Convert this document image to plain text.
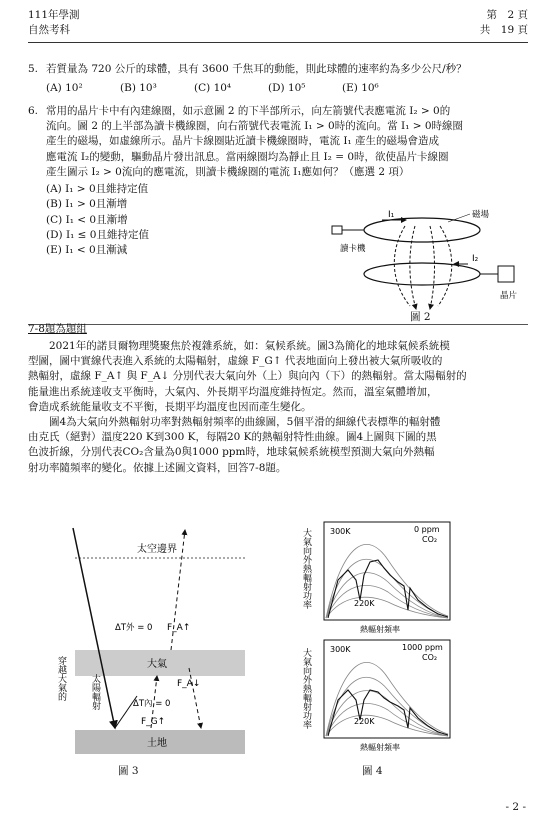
111年學測
自然考科
第　2 頁
共　19 頁
5. 若質量為 720 公斤的球體，具有 3600 千焦耳的動能，則此球體的速率約為多少公尺/秒？
(A) 10²	(B) 10³	(C) 10⁴	(D) 10⁵	(E) 10⁶
6. 常用的晶片卡中有內建線圈，如示意圖 2 的下半部所示，向左箭號代表應電流 I₂ > 0的
流向。圖 2 的上半部為讀卡機線圈，向右箭號代表電流 I₁ > 0時的流向。當 I₁ > 0時線圈
產生的磁場，如虛線所示。晶片卡線圈貼近讀卡機線圈時，電流 I₁ 產生的磁場會造成
應電流 I₂的變動，驅動晶片發出訊息。當兩線圈均為靜止且 I₂ = 0時，欲使晶片卡線圈
產生圖示 I₂ > 0流向的應電流，則讀卡機線圈的電流 I₁應如何？（應選 2 項）
(A) I₁ > 0且維持定值
(B) I₁ > 0且漸增
(C) I₁ < 0且漸增
(D) I₁ ≤ 0且維持定值
(E) I₁ < 0且漸減
I₁
讀卡機
磁場
I₂
晶片
圖 2
7-8題為題組
2021年的諾貝爾物理獎聚焦於複雜系統，如：氣候系統。圖3為簡化的地球氣候系統模
型圖，圖中實線代表進入系統的太陽輻射，虛線 F_G↑ 代表地面向上發出被大氣所吸收的
熱輻射，虛線 F_A↑ 與 F_A↓ 分別代表大氣向外（上）與向內（下）的熱輻射。當太陽輻射的
能量進出系統達收支平衡時，大氣內、外長期平均溫度維持恆定。然而，溫室氣體增加，
會造成系統能量收支不平衡，長期平均溫度也因而產生變化。
圖4為大氣向外熱輻射功率對熱輻射頻率的曲線圖，5個平滑的細線代表標準的輻射體
由克氏（絕對）溫度220 K到300 K，每隔20 K的熱輻射特性曲線。圖4上圖與下圖的黑
色波折線，分別代表CO₂含量為0與1000 ppm時，地球氣候系統模型預測大氣向外熱輻
射功率隨頻率的變化。依據上述圖文資料，回答7-8題。
太空邊界
大氣
土地
F_A↑
ΔT外 = 0
F_A↓
F_G↑
ΔT內 = 0
穿越大氣的	太陽輻射
圖 3
大氣向外熱輻射功率
大氣向外熱輻射功率
300K
220K
0 ppm
CO₂
熱輻射頻率
300K
220K
1000 ppm
CO₂
熱輻射頻率
圖 4
- 2 -
